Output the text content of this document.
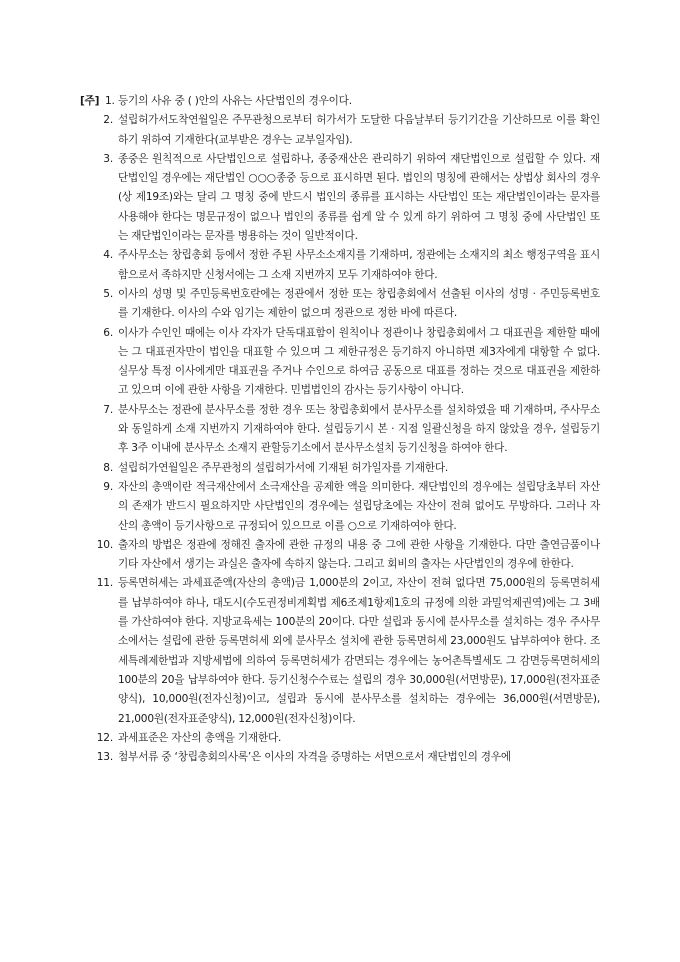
[주] 1. 등기의 사유 중 ( )안의 사유는 사단법인의 경우이다.
2. 설립허가서도착연월일은 주무관청으로부터 허가서가 도달한 다음날부터 등기기간을 기산하므로 이를 확인하기 위하여 기재한다(교부받은 경우는 교부일자임).
3. 종중은 원칙적으로 사단법인으로 설립하나, 종중재산은 관리하기 위하여 재단법인으로 설립할 수 있다. 재단법인일 경우에는 재단법인 ○○○종중 등으로 표시하면 된다. 법인의 명칭에 관해서는 상법상 회사의 경우(상 제19조)와는 달리 그 명칭 중에 반드시 법인의 종류를 표시하는 사단법인 또는 재단법인이라는 문자를 사용해야 한다는 명문규정이 없으나 법인의 종류를 쉽게 알 수 있게 하기 위하여 그 명칭 중에 사단법인 또는 재단법인이라는 문자를 병용하는 것이 일반적이다.
4. 주사무소는 창립총회 등에서 정한 주된 사무소소재지를 기재하며, 정관에는 소재지의 최소 행정구역을 표시함으로서 족하지만 신청서에는 그 소재 지번까지 모두 기재하여야 한다.
5. 이사의 성명 및 주민등록번호란에는 정관에서 정한 또는 창립총회에서 선출된 이사의 성명 · 주민등록번호를 기재한다. 이사의 수와 임기는 제한이 없으며 정관으로 정한 바에 따른다.
6. 이사가 수인인 때에는 이사 각자가 단독대표함이 원칙이나 정관이나 창립총회에서 그 대표권을 제한할 때에는 그 대표권자만이 법인을 대표할 수 있으며 그 제한규정은 등기하지 아니하면 제3자에게 대항할 수 없다. 실무상 특정 이사에게만 대표권을 주거나 수인으로 하여금 공동으로 대표를 정하는 것으로 대표권을 제한하고 있으며 이에 관한 사항을 기재한다. 민법법인의 감사는 등기사항이 아니다.
7. 분사무소는 정관에 분사무소를 정한 경우 또는 창립총회에서 분사무소를 설치하였을 때 기재하며, 주사무소와 동일하게 소재 지번까지 기재하여야 한다. 설립등기시 본 · 지점 일괄신청을 하지 않았을 경우, 설립등기 후 3주 이내에 분사무소 소재지 관할등기소에서 분사무소설치 등기신청을 하여야 한다.
8. 설립허가연월일은 주무관청의 설립허가서에 기재된 허가일자를 기재한다.
9. 자산의 총액이란 적극재산에서 소극재산을 공제한 액을 의미한다. 재단법인의 경우에는 설립당초부터 자산의 존재가 반드시 필요하지만 사단법인의 경우에는 설립당초에는 자산이 전혀 없어도 무방하다. 그러나 자산의 총액이 등기사항으로 규정되어 있으므로 이를 ○으로 기재하여야 한다.
10. 출자의 방법은 정관에 정해진 출자에 관한 규정의 내용 중 그에 관한 사항을 기재한다. 다만 출연금품이나 기타 자산에서 생기는 과실은 출자에 속하지 않는다. 그리고 회비의 출자는 사단법인의 경우에 한한다.
11. 등록면허세는 과세표준액(자산의 총액)금 1,000분의 2이고, 자산이 전혀 없다면 75,000원의 등록면허세를 납부하여야 하나, 대도시(수도권정비계획법 제6조제1항제1호의 규정에 의한 과밀억제권역)에는 그 3배를 가산하여야 한다. 지방교육세는 100분의 20이다. 다만 설립과 동시에 분사무소를 설치하는 경우 주사무소에서는 설립에 관한 등록면허세 외에 분사무소 설치에 관한 등록면허세 23,000원도 납부하여야 한다. 조세특례제한법과 지방세법에 의하여 등록면허세가 감면되는 경우에는 농어촌특별세도 그 감면등록면허세의 100분의 20을 납부하여야 한다. 등기신청수수료는 설립의 경우 30,000원(서면방문), 17,000원(전자표준양식), 10,000원(전자신청)이고, 설립과 동시에 분사무소를 설치하는 경우에는 36,000원(서면방문), 21,000원(전자표준양식), 12,000원(전자신청)이다.
12. 과세표준은 자산의 총액을 기재한다.
13. 첨부서류 중 ‘창립총회의사록’은 이사의 자격을 증명하는 서면으로서 재단법인의 경우에
